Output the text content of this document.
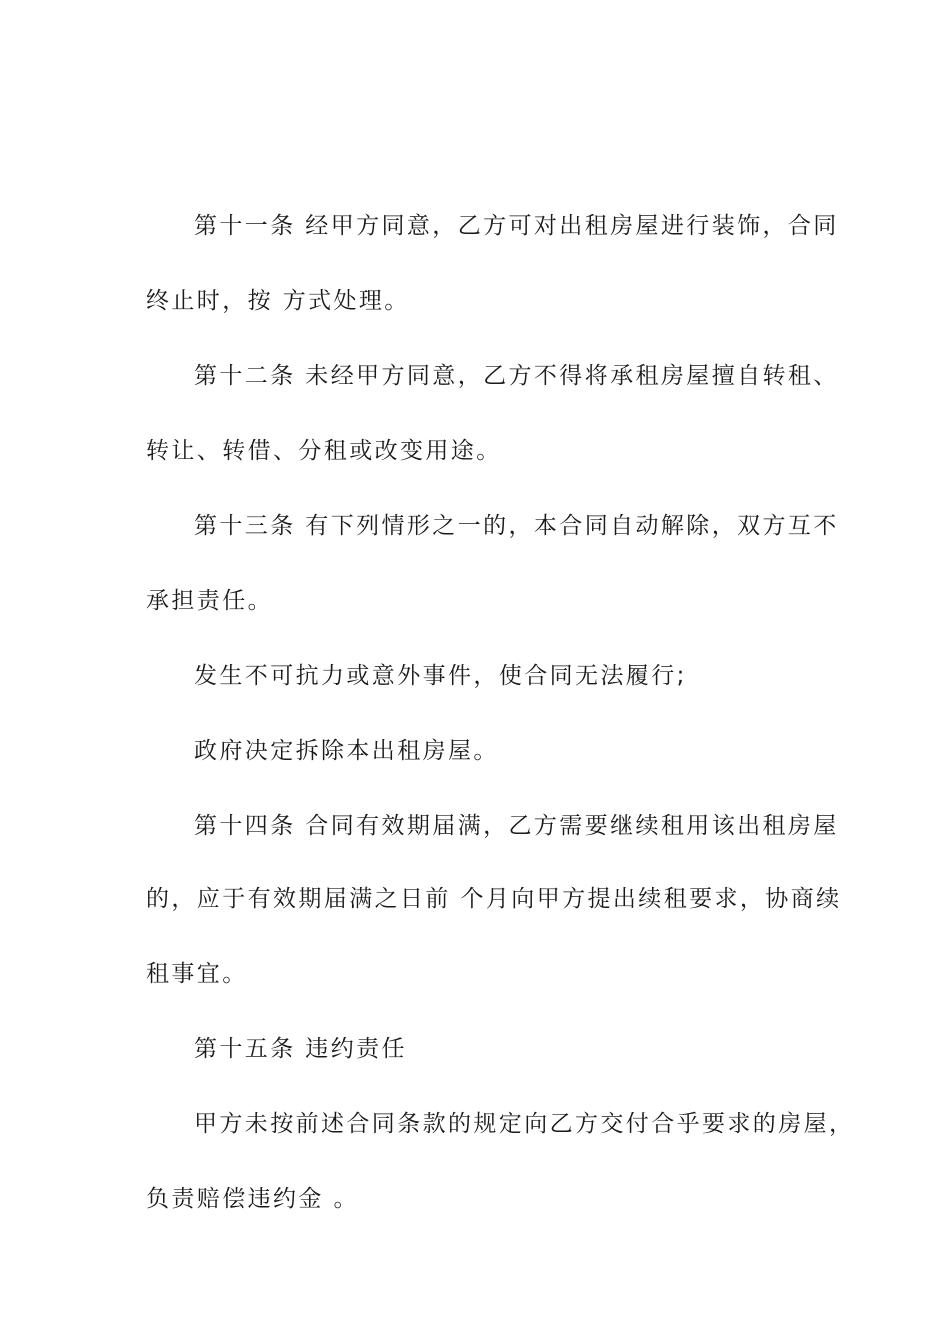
第十一条 经甲方同意，乙方可对出租房屋进行装饰，合同
终止时，按 方式处理。
第十二条 未经甲方同意，乙方不得将承租房屋擅自转租、
转让、转借、分租或改变用途。
第十三条 有下列情形之一的，本合同自动解除，双方互不
承担责任。
发生不可抗力或意外事件，使合同无法履行;
政府决定拆除本出租房屋。
第十四条 合同有效期届满，乙方需要继续租用该出租房屋
的，应于有效期届满之日前 个月向甲方提出续租要求，协商续
租事宜。
第十五条 违约责任
甲方未按前述合同条款的规定向乙方交付合乎要求的房屋，
负责赔偿违约金 。
